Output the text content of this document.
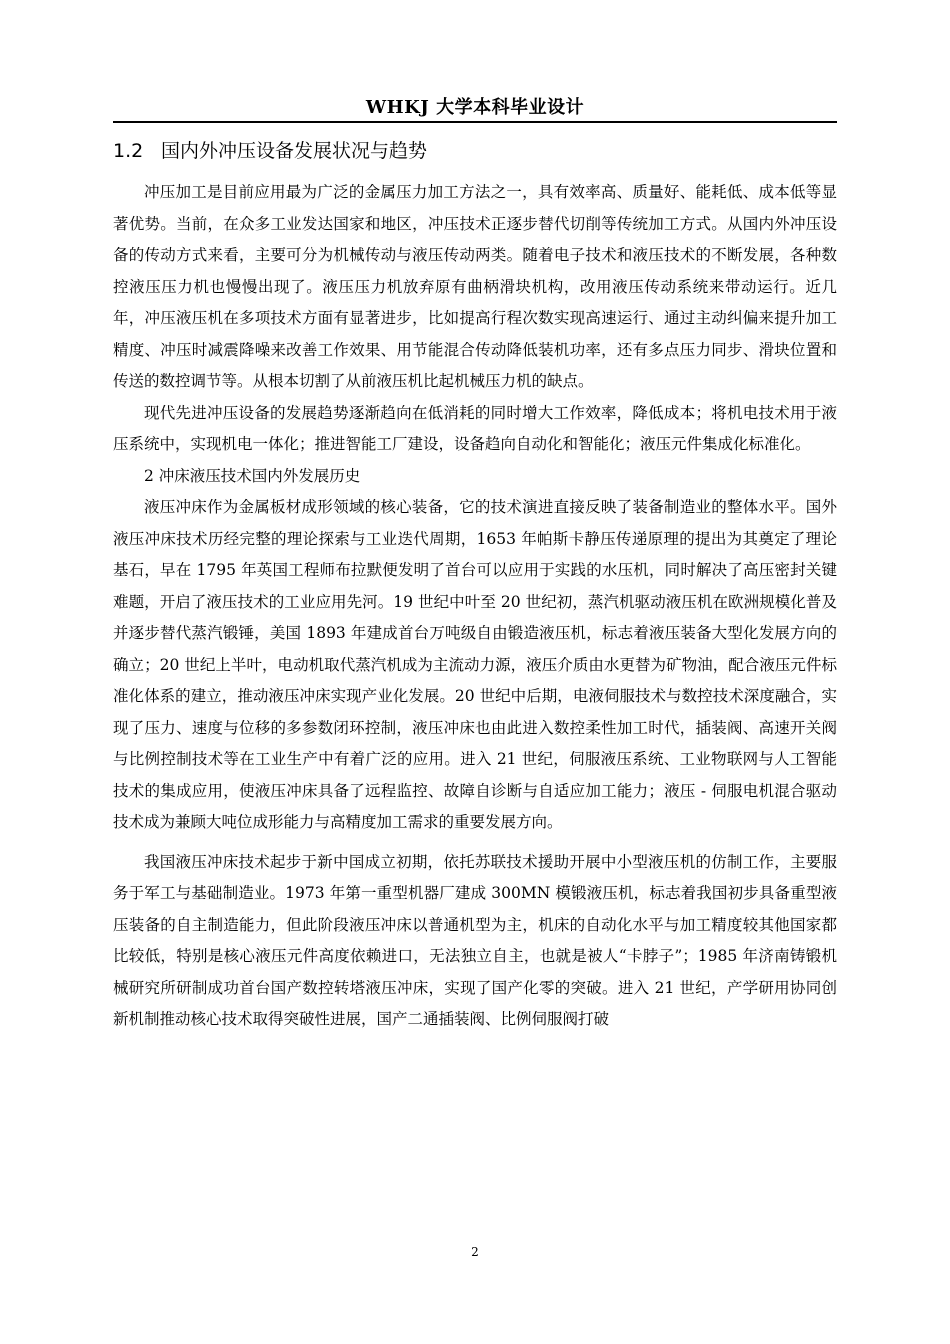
WHKJ 大学本科毕业设计
1.2 国内外冲压设备发展状况与趋势

冲压加工是目前应用最为广泛的金属压力加工方法之一，具有效率高、质量好、能耗低、成本低等显著优势。当前，在众多工业发达国家和地区，冲压技术正逐步替代切削等传统加工方式。从国内外冲压设备的传动方式来看，主要可分为机械传动与液压传动两类。随着电子技术和液压技术的不断发展，各种数控液压压力机也慢慢出现了。液压压力机放弃原有曲柄滑块机构，改用液压传动系统来带动运行。近几年，冲压液压机在多项技术方面有显著进步，比如提高行程次数实现高速运行、通过主动纠偏来提升加工精度、冲压时减震降噪来改善工作效果、用节能混合传动降低装机功率，还有多点压力同步、滑块位置和传送的数控调节等。从根本切割了从前液压机比起机械压力机的缺点。

现代先进冲压设备的发展趋势逐渐趋向在低消耗的同时增大工作效率，降低成本；将机电技术用于液压系统中，实现机电一体化；推进智能工厂建设，设备趋向自动化和智能化；液压元件集成化标准化。

2 冲床液压技术国内外发展历史

液压冲床作为金属板材成形领域的核心装备，它的技术演进直接反映了装备制造业的整体水平。国外液压冲床技术历经完整的理论探索与工业迭代周期，1653 年帕斯卡静压传递原理的提出为其奠定了理论基石，早在 1795 年英国工程师布拉默便发明了首台可以应用于实践的水压机，同时解决了高压密封关键难题，开启了液压技术的工业应用先河。19 世纪中叶至 20 世纪初，蒸汽机驱动液压机在欧洲规模化普及并逐步替代蒸汽锻锤，美国 1893 年建成首台万吨级自由锻造液压机，标志着液压装备大型化发展方向的确立；20 世纪上半叶，电动机取代蒸汽机成为主流动力源，液压介质由水更替为矿物油，配合液压元件标准化体系的建立，推动液压冲床实现产业化发展。20 世纪中后期，电液伺服技术与数控技术深度融合，实现了压力、速度与位移的多参数闭环控制，液压冲床也由此进入数控柔性加工时代，插装阀、高速开关阀与比例控制技术等在工业生产中有着广泛的应用。进入 21 世纪，伺服液压系统、工业物联网与人工智能技术的集成应用，使液压冲床具备了远程监控、故障自诊断与自适应加工能力；液压 - 伺服电机混合驱动技术成为兼顾大吨位成形能力与高精度加工需求的重要发展方向。

我国液压冲床技术起步于新中国成立初期，依托苏联技术援助开展中小型液压机的仿制工作，主要服务于军工与基础制造业。1973 年第一重型机器厂建成 300MN 模锻液压机，标志着我国初步具备重型液压装备的自主制造能力，但此阶段液压冲床以普通机型为主，机床的自动化水平与加工精度较其他国家都比较低，特别是核心液压元件高度依赖进口，无法独立自主，也就是被人“卡脖子”；1985 年济南铸锻机械研究所研制成功首台国产数控转塔液压冲床，实现了国产化零的突破。进入 21 世纪，产学研用协同创新机制推动核心技术取得突破性进展，国产二通插装阀、比例伺服阀打破

2
